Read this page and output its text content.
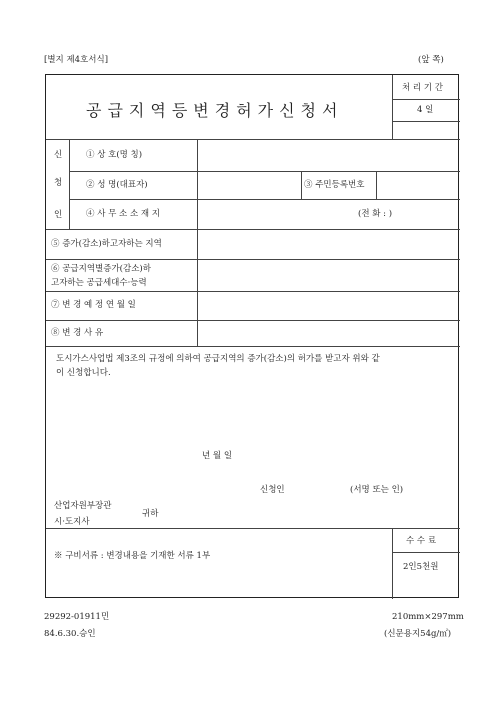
[별지 제4호서식]	(앞 쪽)
공급지역등변경허가신청서
처 리 기 간
4 일
신
청
인
① 상 호(명 칭)
② 성 명(대표자)	③ 주민등록번호
④ 사 무 소 소 재 지	(전 화 : )
⑤ 증가(감소)하고자하는 지역
⑥ 공급지역별증가(감소)하
고자하는 공급세대수·능력
⑦ 변 경 예 정 연 월 일
⑧ 변 경 사 유
도시가스사업법 제3조의 규정에 의하여 공급지역의 증가(감소)의 허가를 받고자 위와 같
이 신청합니다.
년 월 일
신청인	(서명 또는 인)
산업자원부장관
시·도지사
귀하
※ 구비서류 : 변경내용을 기재한 서류 1부
수 수 료
2인5천원
29292-01911민
84.6.30.승인
210mm×297mm
(신문용지54g/㎡)
